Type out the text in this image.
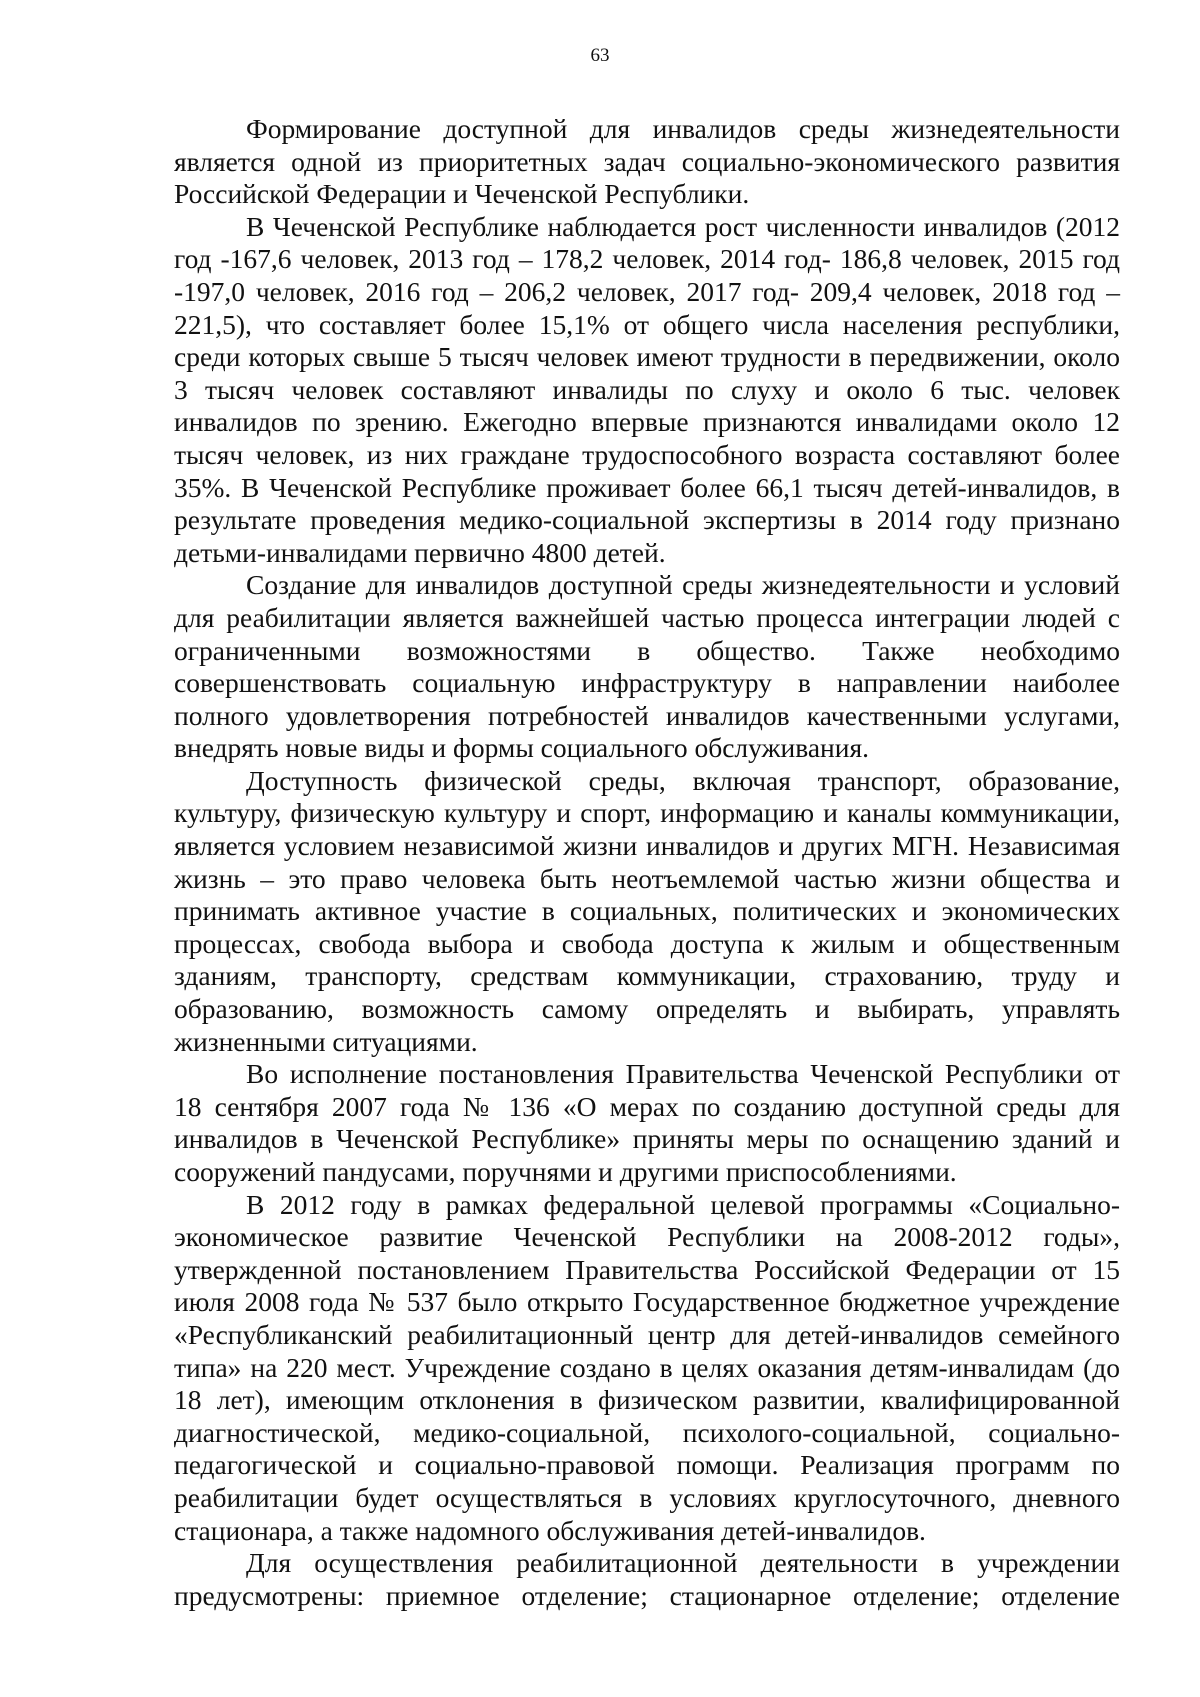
63

Формирование доступной для инвалидов среды жизнедеятельности является одной из приоритетных задач социально-экономического развития Российской Федерации и Чеченской Республики.

В Чеченской Республике наблюдается рост численности инвалидов (2012 год -167,6 человек, 2013 год – 178,2 человек, 2014 год- 186,8 человек, 2015 год -197,0 человек, 2016 год – 206,2 человек, 2017 год- 209,4 человек, 2018 год – 221,5), что составляет более 15,1% от общего числа населения республики, среди которых свыше 5 тысяч человек имеют трудности в передвижении, около 3 тысяч человек составляют инвалиды по слуху и около 6 тыс. человек инвалидов по зрению. Ежегодно впервые признаются инвалидами около 12 тысяч человек, из них граждане трудоспособного возраста составляют более 35%. В Чеченской Республике проживает более 66,1 тысяч детей-инвалидов, в результате проведения медико-социальной экспертизы в 2014 году признано детьми-инвалидами первично 4800 детей.

Создание для инвалидов доступной среды жизнедеятельности и условий для реабилитации является важнейшей частью процесса интеграции людей с ограниченными возможностями в общество. Также необходимо совершенствовать социальную инфраструктуру в направлении наиболее полного удовлетворения потребностей инвалидов качественными услугами, внедрять новые виды и формы социального обслуживания.

Доступность физической среды, включая транспорт, образование, культуру, физическую культуру и спорт, информацию и каналы коммуникации, является условием независимой жизни инвалидов и других МГН. Независимая жизнь – это право человека быть неотъемлемой частью жизни общества и принимать активное участие в социальных, политических и экономических процессах, свобода выбора и свобода доступа к жилым и общественным зданиям, транспорту, средствам коммуникации, страхованию, труду и образованию, возможность самому определять и выбирать, управлять жизненными ситуациями.

Во исполнение постановления Правительства Чеченской Республики от 18 сентября 2007 года № 136 «О мерах по созданию доступной среды для инвалидов в Чеченской Республике» приняты меры по оснащению зданий и сооружений пандусами, поручнями и другими приспособлениями.

В 2012 году в рамках федеральной целевой программы «Социально-экономическое развитие Чеченской Республики на 2008-2012 годы», утвержденной постановлением Правительства Российской Федерации от 15 июля 2008 года № 537 было открыто Государственное бюджетное учреждение «Республиканский реабилитационный центр для детей-инвалидов семейного типа» на 220 мест. Учреждение создано в целях оказания детям-инвалидам (до 18 лет), имеющим отклонения в физическом развитии, квалифицированной диагностической, медико-социальной, психолого-социальной, социально-педагогической и социально-правовой помощи. Реализация программ по реабилитации будет осуществляться в условиях круглосуточного, дневного стационара, а также надомного обслуживания детей-инвалидов.

Для осуществления реабилитационной деятельности в учреждении предусмотрены: приемное отделение; стационарное отделение; отделение
